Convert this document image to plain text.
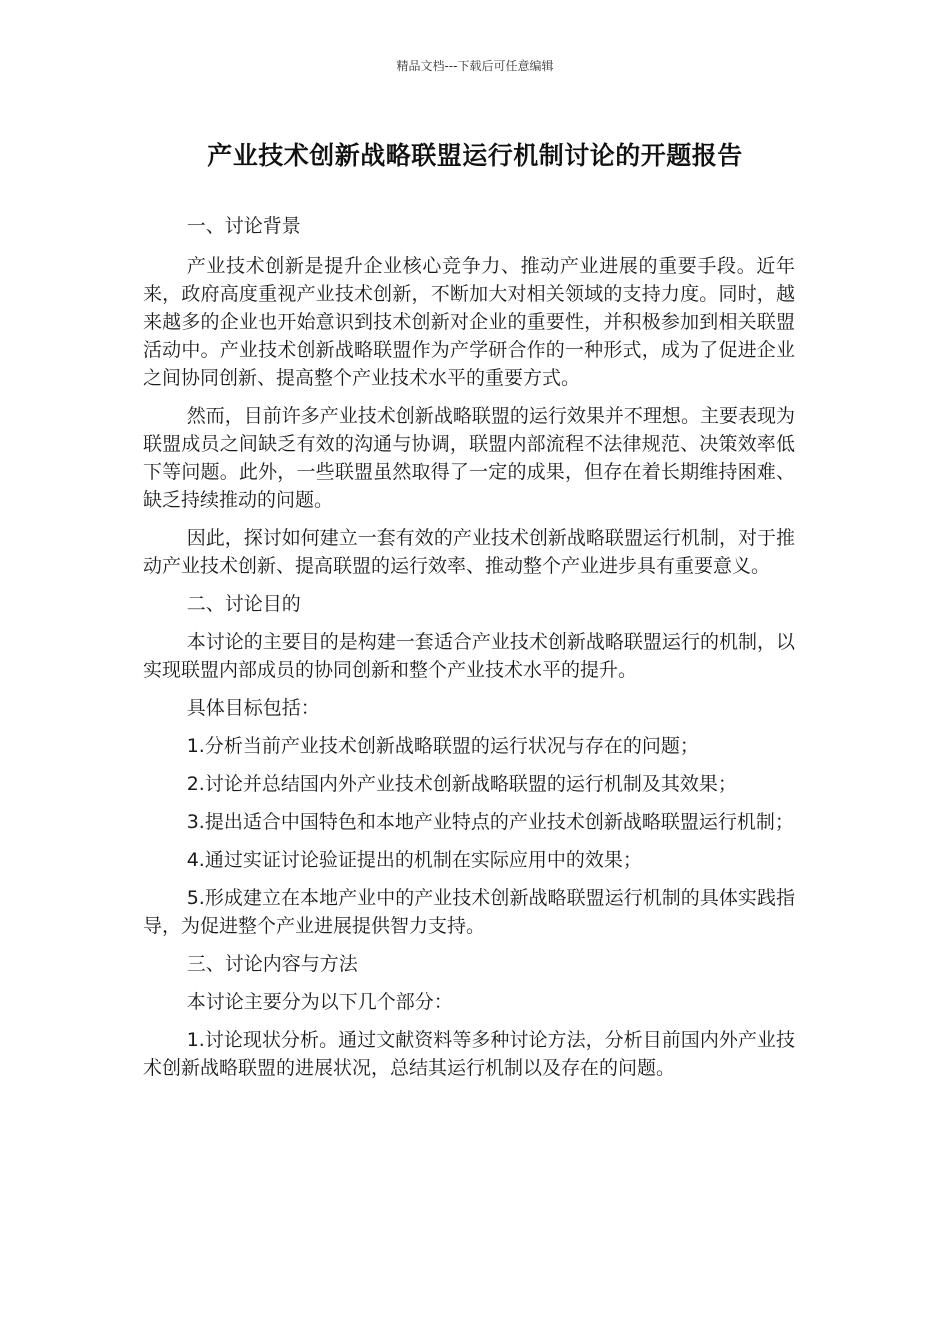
精品文档---下载后可任意编辑
产业技术创新战略联盟运行机制讨论的开题报告

一、讨论背景

产业技术创新是提升企业核心竞争力、推动产业进展的重要手段。近年来，政府高度重视产业技术创新，不断加大对相关领域的支持力度。同时，越来越多的企业也开始意识到技术创新对企业的重要性，并积极参加到相关联盟活动中。产业技术创新战略联盟作为产学研合作的一种形式，成为了促进企业之间协同创新、提高整个产业技术水平的重要方式。

然而，目前许多产业技术创新战略联盟的运行效果并不理想。主要表现为联盟成员之间缺乏有效的沟通与协调，联盟内部流程不法律规范、决策效率低下等问题。此外，一些联盟虽然取得了一定的成果，但存在着长期维持困难、缺乏持续推动的问题。

因此，探讨如何建立一套有效的产业技术创新战略联盟运行机制，对于推动产业技术创新、提高联盟的运行效率、推动整个产业进步具有重要意义。

二、讨论目的

本讨论的主要目的是构建一套适合产业技术创新战略联盟运行的机制，以实现联盟内部成员的协同创新和整个产业技术水平的提升。

具体目标包括：

1.分析当前产业技术创新战略联盟的运行状况与存在的问题；

2.讨论并总结国内外产业技术创新战略联盟的运行机制及其效果；

3.提出适合中国特色和本地产业特点的产业技术创新战略联盟运行机制；

4.通过实证讨论验证提出的机制在实际应用中的效果；

5.形成建立在本地产业中的产业技术创新战略联盟运行机制的具体实践指导，为促进整个产业进展提供智力支持。

三、讨论内容与方法

本讨论主要分为以下几个部分：

1.讨论现状分析。通过文献资料等多种讨论方法，分析目前国内外产业技术创新战略联盟的进展状况，总结其运行机制以及存在的问题。
